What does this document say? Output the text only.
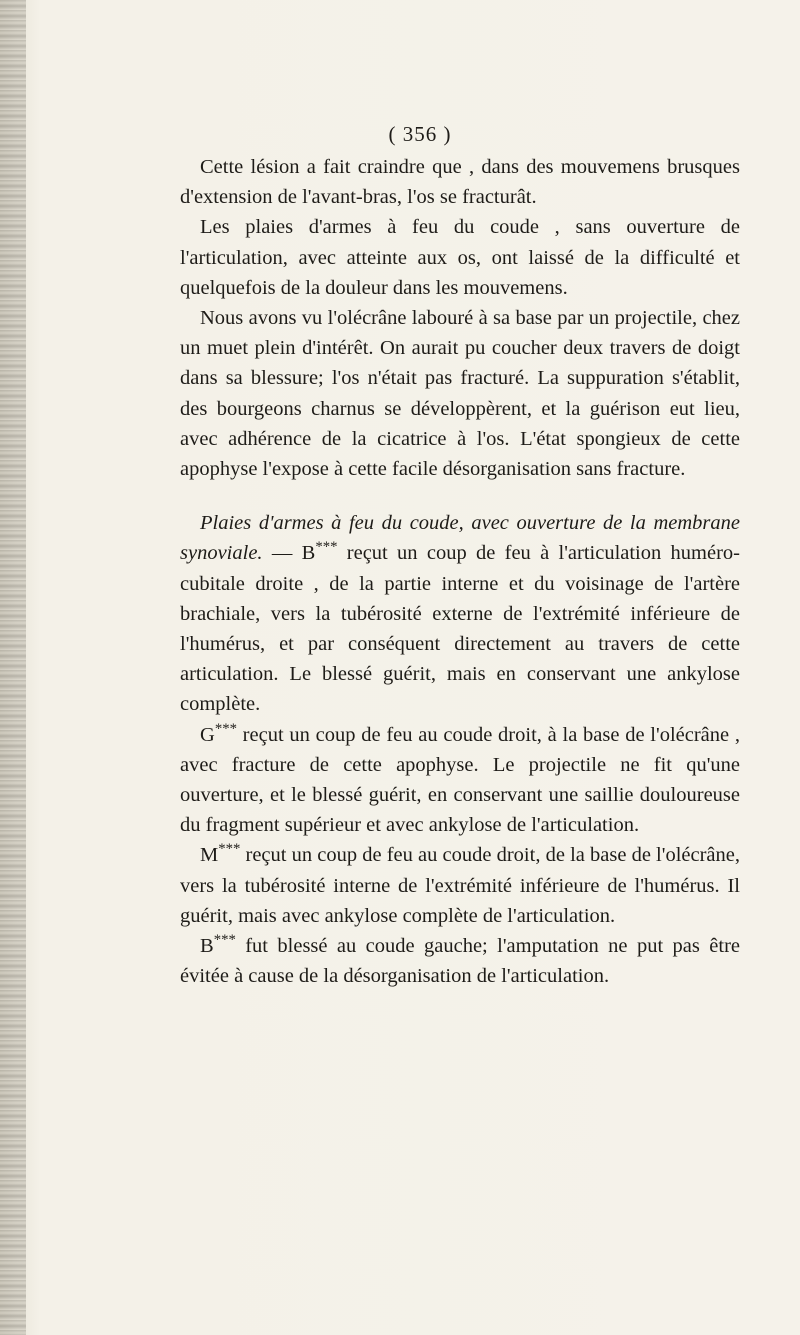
( 356 )

Cette lésion a fait craindre que , dans des mouvemens brusques d'extension de l'avant-bras, l'os se fracturât.

Les plaies d'armes à feu du coude , sans ouverture de l'articulation, avec atteinte aux os, ont laissé de la difficulté et quelquefois de la douleur dans les mouvemens.

Nous avons vu l'olécrâne labouré à sa base par un projectile, chez un muet plein d'intérêt. On aurait pu coucher deux travers de doigt dans sa blessure; l'os n'était pas fracturé. La suppuration s'établit, des bourgeons charnus se développèrent, et la guérison eut lieu, avec adhérence de la cicatrice à l'os. L'état spongieux de cette apophyse l'expose à cette facile désorganisation sans fracture.

Plaies d'armes à feu du coude, avec ouverture de la membrane synoviale. — B*** reçut un coup de feu à l'articulation huméro-cubitale droite , de la partie interne et du voisinage de l'artère brachiale, vers la tubérosité externe de l'extrémité inférieure de l'humérus, et par conséquent directement au travers de cette articulation. Le blessé guérit, mais en conservant une ankylose complète.

G*** reçut un coup de feu au coude droit, à la base de l'olécrâne , avec fracture de cette apophyse. Le projectile ne fit qu'une ouverture, et le blessé guérit, en conservant une saillie douloureuse du fragment supérieur et avec ankylose de l'articulation.

M*** reçut un coup de feu au coude droit, de la base de l'olécrâne, vers la tubérosité interne de l'extrémité inférieure de l'humérus. Il guérit, mais avec ankylose complète de l'articulation.

B*** fut blessé au coude gauche; l'amputation ne put pas être évitée à cause de la désorganisation de l'articulation.
